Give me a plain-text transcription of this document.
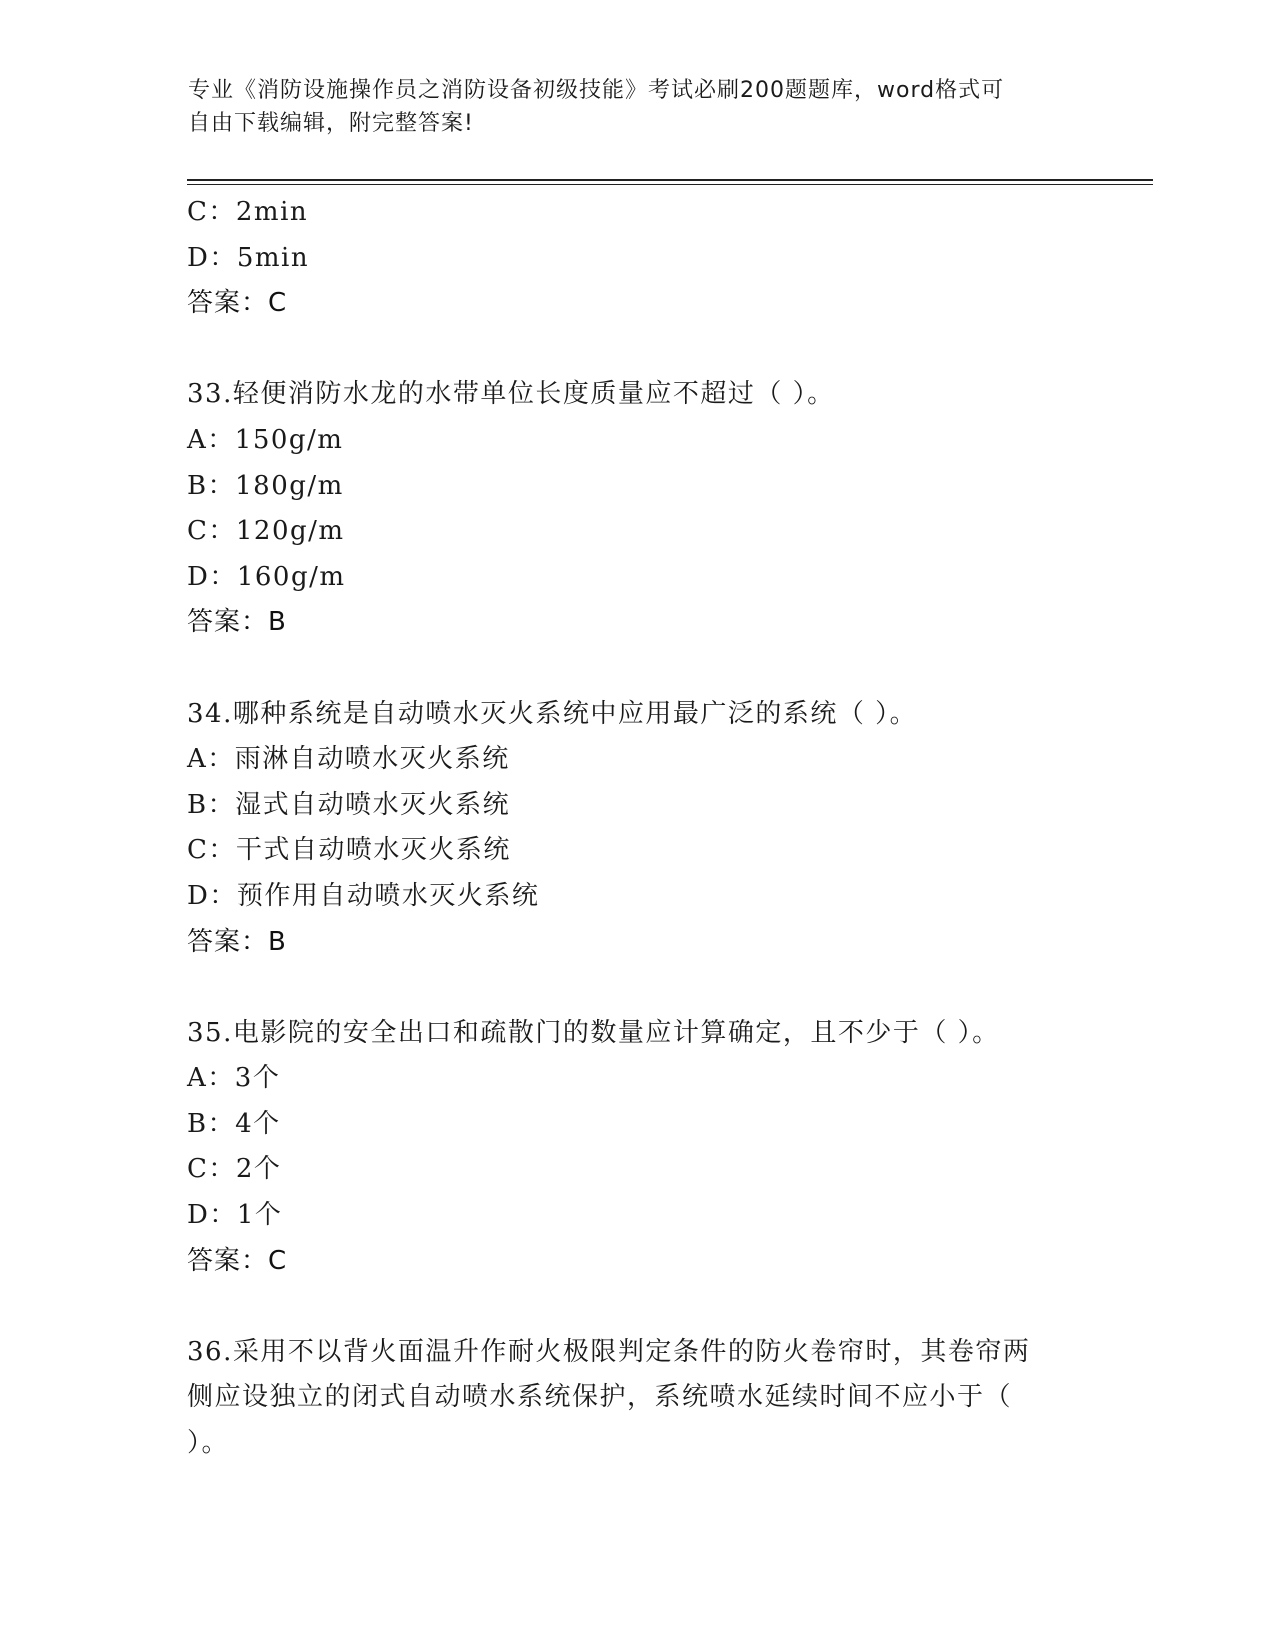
专业《消防设施操作员之消防设备初级技能》考试必刷200题题库，word格式可
自由下载编辑，附完整答案!
C：2min
D：5min
答案：C
33.轻便消防水龙的水带单位长度质量应不超过（ ）。
A：150g/m
B：180g/m
C：120g/m
D：160g/m
答案：B
34.哪种系统是自动喷水灭火系统中应用最广泛的系统（ ）。
A：雨淋自动喷水灭火系统
B：湿式自动喷水灭火系统
C：干式自动喷水灭火系统
D：预作用自动喷水灭火系统
答案：B
35.电影院的安全出口和疏散门的数量应计算确定，且不少于（ ）。
A：3个
B：4个
C：2个
D：1个
答案：C
36.采用不以背火面温升作耐火极限判定条件的防火卷帘时，其卷帘两
侧应设独立的闭式自动喷水系统保护，系统喷水延续时间不应小于（
）。
